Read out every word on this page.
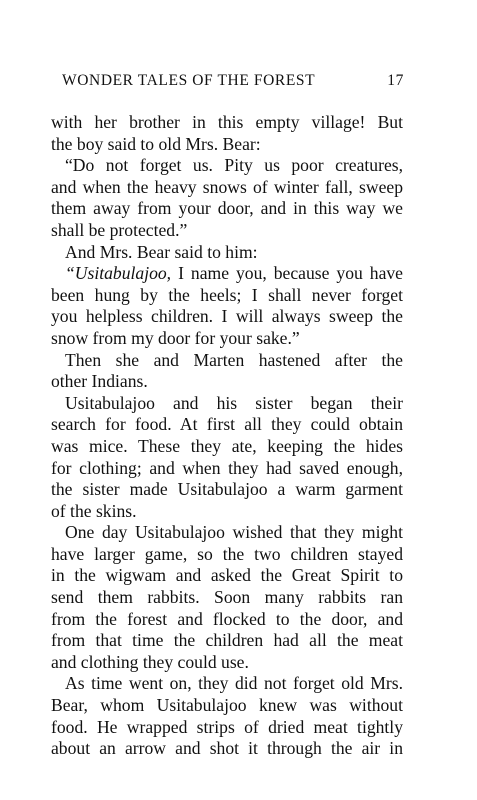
WONDER TALES OF THE FOREST	17

with her brother in this empty village! But
the boy said to old Mrs. Bear:

“Do not forget us. Pity us poor creatures,
and when the heavy snows of winter fall, sweep
them away from your door, and in this way we
shall be protected.”

And Mrs. Bear said to him:

“Usitabulajoo, I name you, because you have
been hung by the heels; I shall never forget
you helpless children. I will always sweep the
snow from my door for your sake.”

Then she and Marten hastened after the
other Indians.

Usitabulajoo and his sister began their
search for food. At first all they could obtain
was mice. These they ate, keeping the hides
for clothing; and when they had saved enough,
the sister made Usitabulajoo a warm garment
of the skins.

One day Usitabulajoo wished that they might
have larger game, so the two children stayed
in the wigwam and asked the Great Spirit to
send them rabbits. Soon many rabbits ran
from the forest and flocked to the door, and
from that time the children had all the meat
and clothing they could use.

As time went on, they did not forget old Mrs.
Bear, whom Usitabulajoo knew was without
food. He wrapped strips of dried meat tightly
about an arrow and shot it through the air in
